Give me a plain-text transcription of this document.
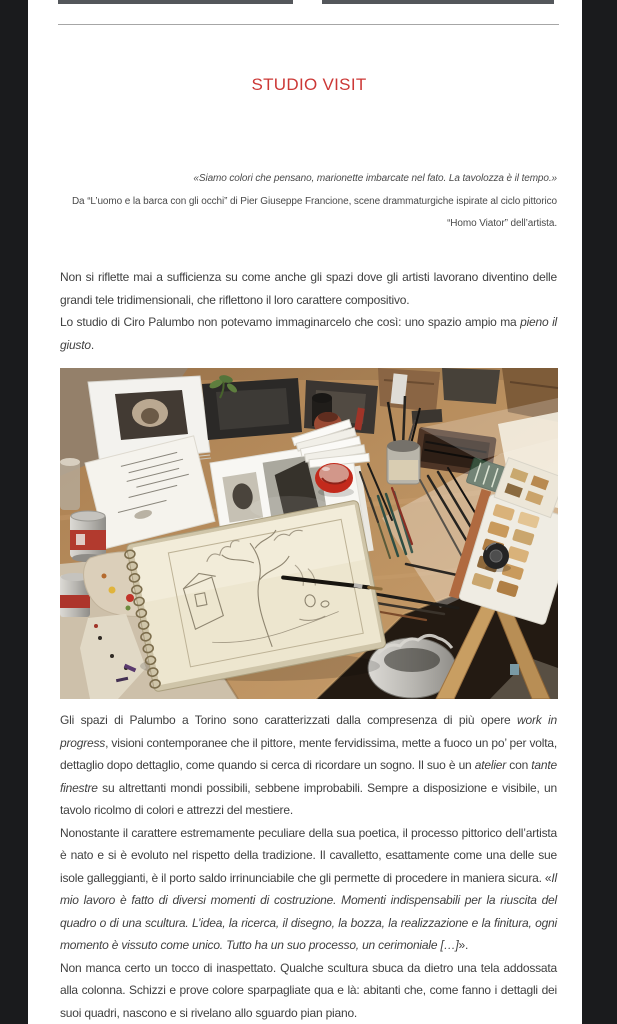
STUDIO VISIT
«Siamo colori che pensano, marionette imbarcate nel fato. La tavolozza è il tempo.»
Da “L’uomo e la barca con gli occhi” di Pier Giuseppe Francione, scene drammaturgiche ispirate al ciclo pittorico
“Homo Viator” dell’artista.

Non si riflette mai a sufficienza su come anche gli spazi dove gli artisti lavorano diventino delle grandi tele tridimensionali, che riflettono il loro carattere compositivo.

Lo studio di Ciro Palumbo non potevamo immaginarcelo che così: uno spazio ampio ma pieno il giusto.

Gli spazi di Palumbo a Torino sono caratterizzati dalla compresenza di più opere work in progress, visioni contemporanee che il pittore, mente fervidissima, mette a fuoco un po’ per volta, dettaglio dopo dettaglio, come quando si cerca di ricordare un sogno. Il suo è un atelier con tante finestre su altrettanti mondi possibili, sebbene improbabili. Sempre a disposizione e visibile, un tavolo ricolmo di colori e attrezzi del mestiere.

Nonostante il carattere estremamente peculiare della sua poetica, il processo pittorico dell’artista è nato e si è evoluto nel rispetto della tradizione. Il cavalletto, esattamente come una delle sue isole galleggianti, è il porto saldo irrinunciabile che gli permette di procedere in maniera sicura. «Il mio lavoro è fatto di diversi momenti di costruzione. Momenti indispensabili per la riuscita del quadro o di una scultura. L’idea, la ricerca, il disegno, la bozza, la realizzazione e la finitura, ogni momento è vissuto come unico. Tutto ha un suo processo, un cerimoniale […]».

Non manca certo un tocco di inaspettato. Qualche scultura sbuca da dietro una tela addossata alla colonna. Schizzi e prove colore sparpagliate qua e là: abitanti che, come fanno i dettagli dei suoi quadri, nascono e si rivelano allo sguardo pian piano.
